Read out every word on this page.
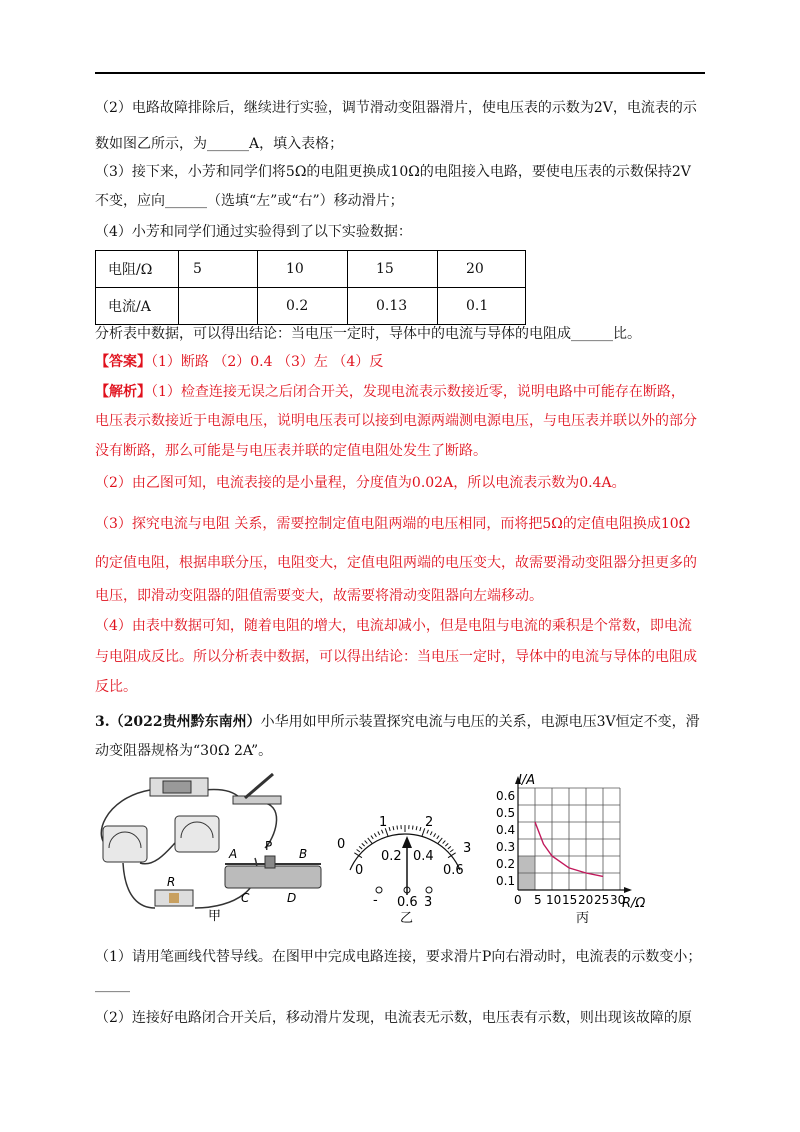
（2）电路故障排除后，继续进行实验，调节滑动变阻器滑片，使电压表的示数为2V，电流表的示
数如图乙所示，为______A，填入表格；
（3）接下来，小芳和同学们将5Ω的电阻更换成10Ω的电阻接入电路，要使电压表的示数保持2V
不变，应向______（选填“左”或“右”）移动滑片；
（4）小芳和同学们通过实验得到了以下实验数据：
电阻/Ω	5	10	15	20
电流/A		0.2	0.13	0.1
分析表中数据，可以得出结论：当电压一定时，导体中的电流与导体的电阻成______比。
【答案】（1）断路 （2）0.4 （3）左 （4）反
【解析】（1）检查连接无误之后闭合开关，发现电流表示数接近零，说明电路中可能存在断路，
电压表示数接近于电源电压，说明电压表可以接到电源两端测电源电压，与电压表并联以外的部分
没有断路，那么可能是与电压表并联的定值电阻处发生了断路。
（2）由乙图可知，电流表接的是小量程，分度值为0.02A，所以电流表示数为0.4A。
（3）探究电流与电阻 关系，需要控制定值电阻两端的电压相同，而将把5Ω的定值电阻换成10Ω
的定值电阻，根据串联分压，电阻变大，定值电阻两端的电压变大，故需要滑动变阻器分担更多的
电压，即滑动变阻器的阻值需要变大，故需要将滑动变阻器向左端移动。
（4）由表中数据可知，随着电阻的增大，电流却减小，但是电阻与电流的乘积是个常数，即电流
与电阻成反比。所以分析表中数据，可以得出结论：当电压一定时，导体中的电流与导体的电阻成
反比。
3.（2022贵州黔东南州）小华用如甲所示装置探究电流与电压的关系，电源电压3V恒定不变，滑
动变阻器规格为“30Ω 2A”。
R
A
P
B
C	D
甲
0
1	2
3
0
0.2 0.4
0.6
- 0.6 3
乙
I/A
R/Ω
0.6
0.5
0.4
0.3
0.2
0.1
0 5 10 15 20 25 30
丙
（1）请用笔画线代替导线。在图甲中完成电路连接，要求滑片P向右滑动时，电流表的示数变小；
_____
（2）连接好电路闭合开关后，移动滑片发现，电流表无示数，电压表有示数，则出现该故障的原
